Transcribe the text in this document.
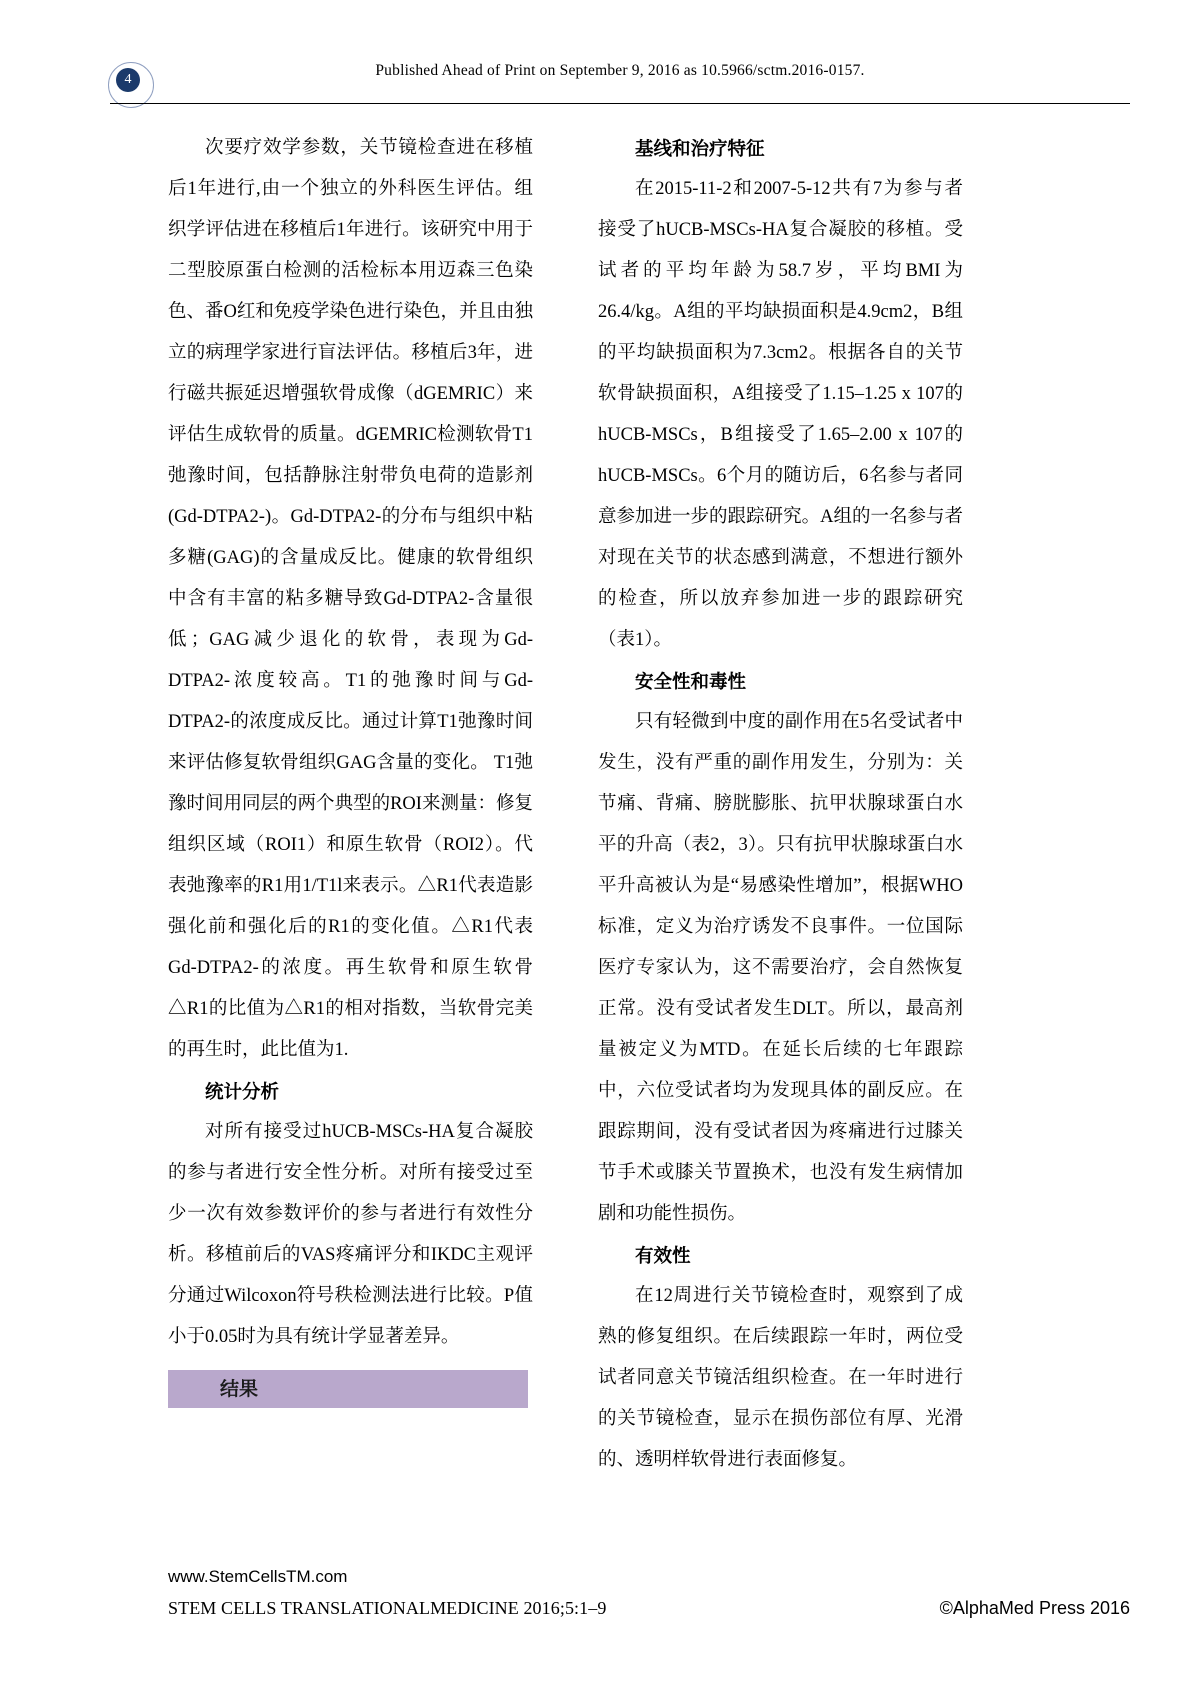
4
Published Ahead of Print on September 9, 2016 as 10.5966/sctm.2016-0157.

次要疗效学参数，关节镜检查进在移植后1年进行,由一个独立的外科医生评估。组织学评估进在移植后1年进行。该研究中用于二型胶原蛋白检测的活检标本用迈森三色染色、番O红和免疫学染色进行染色，并且由独立的病理学家进行盲法评估。移植后3年，进行磁共振延迟增强软骨成像（dGEMRIC）来评估生成软骨的质量。dGEMRIC检测软骨T1弛豫时间，包括静脉注射带负电荷的造影剂(Gd-DTPA2-)。Gd-DTPA2-的分布与组织中粘多糖(GAG)的含量成反比。健康的软骨组织中含有丰富的粘多糖导致Gd-DTPA2-含量很低；GAG减少退化的软骨，表现为Gd-DTPA2-浓度较高。T1的弛豫时间与Gd-DTPA2-的浓度成反比。通过计算T1弛豫时间来评估修复软骨组织GAG含量的变化。 T1弛豫时间用同层的两个典型的ROI来测量：修复组织区域（ROI1）和原生软骨（ROI2）。代表弛豫率的R1用1/T1l来表示。△R1代表造影强化前和强化后的R1的变化值。△R1代表Gd-DTPA2-的浓度。再生软骨和原生软骨△R1的比值为△R1的相对指数，当软骨完美的再生时，此比值为1.

统计分析

对所有接受过hUCB-MSCs-HA复合凝胶的参与者进行安全性分析。对所有接受过至少一次有效参数评价的参与者进行有效性分析。移植前后的VAS疼痛评分和IKDC主观评分通过Wilcoxon符号秩检测法进行比较。P值小于0.05时为具有统计学显著差异。

结果
基线和治疗特征

在2015-11-2和2007-5-12共有7为参与者接受了hUCB-MSCs-HA复合凝胶的移植。受试者的平均年龄为58.7岁，平均BMI为26.4/kg。A组的平均缺损面积是4.9cm2，B组的平均缺损面积为7.3cm2。根据各自的关节软骨缺损面积，A组接受了1.15–1.25 x 107的hUCB-MSCs，B组接受了1.65–2.00 x 107的hUCB-MSCs。6个月的随访后，6名参与者同意参加进一步的跟踪研究。A组的一名参与者对现在关节的状态感到满意，不想进行额外的检查，所以放弃参加进一步的跟踪研究（表1）。

安全性和毒性

只有轻微到中度的副作用在5名受试者中发生，没有严重的副作用发生，分别为：关节痛、背痛、膀胱膨胀、抗甲状腺球蛋白水平的升高（表2，3）。只有抗甲状腺球蛋白水平升高被认为是“易感染性增加”，根据WHO标准，定义为治疗诱发不良事件。一位国际医疗专家认为，这不需要治疗，会自然恢复正常。没有受试者发生DLT。所以，最高剂量被定义为MTD。在延长后续的七年跟踪中，六位受试者均为发现具体的副反应。在跟踪期间，没有受试者因为疼痛进行过膝关节手术或膝关节置换术，也没有发生病情加剧和功能性损伤。

有效性

在12周进行关节镜检查时，观察到了成熟的修复组织。在后续跟踪一年时，两位受试者同意关节镜活组织检查。在一年时进行的关节镜检查，显示在损伤部位有厚、光滑的、透明样软骨进行表面修复。

www.StemCellsTM.com
STEM CELLS TRANSLATIONALMEDICINE 2016;5:1–9	©AlphaMed Press 2016
